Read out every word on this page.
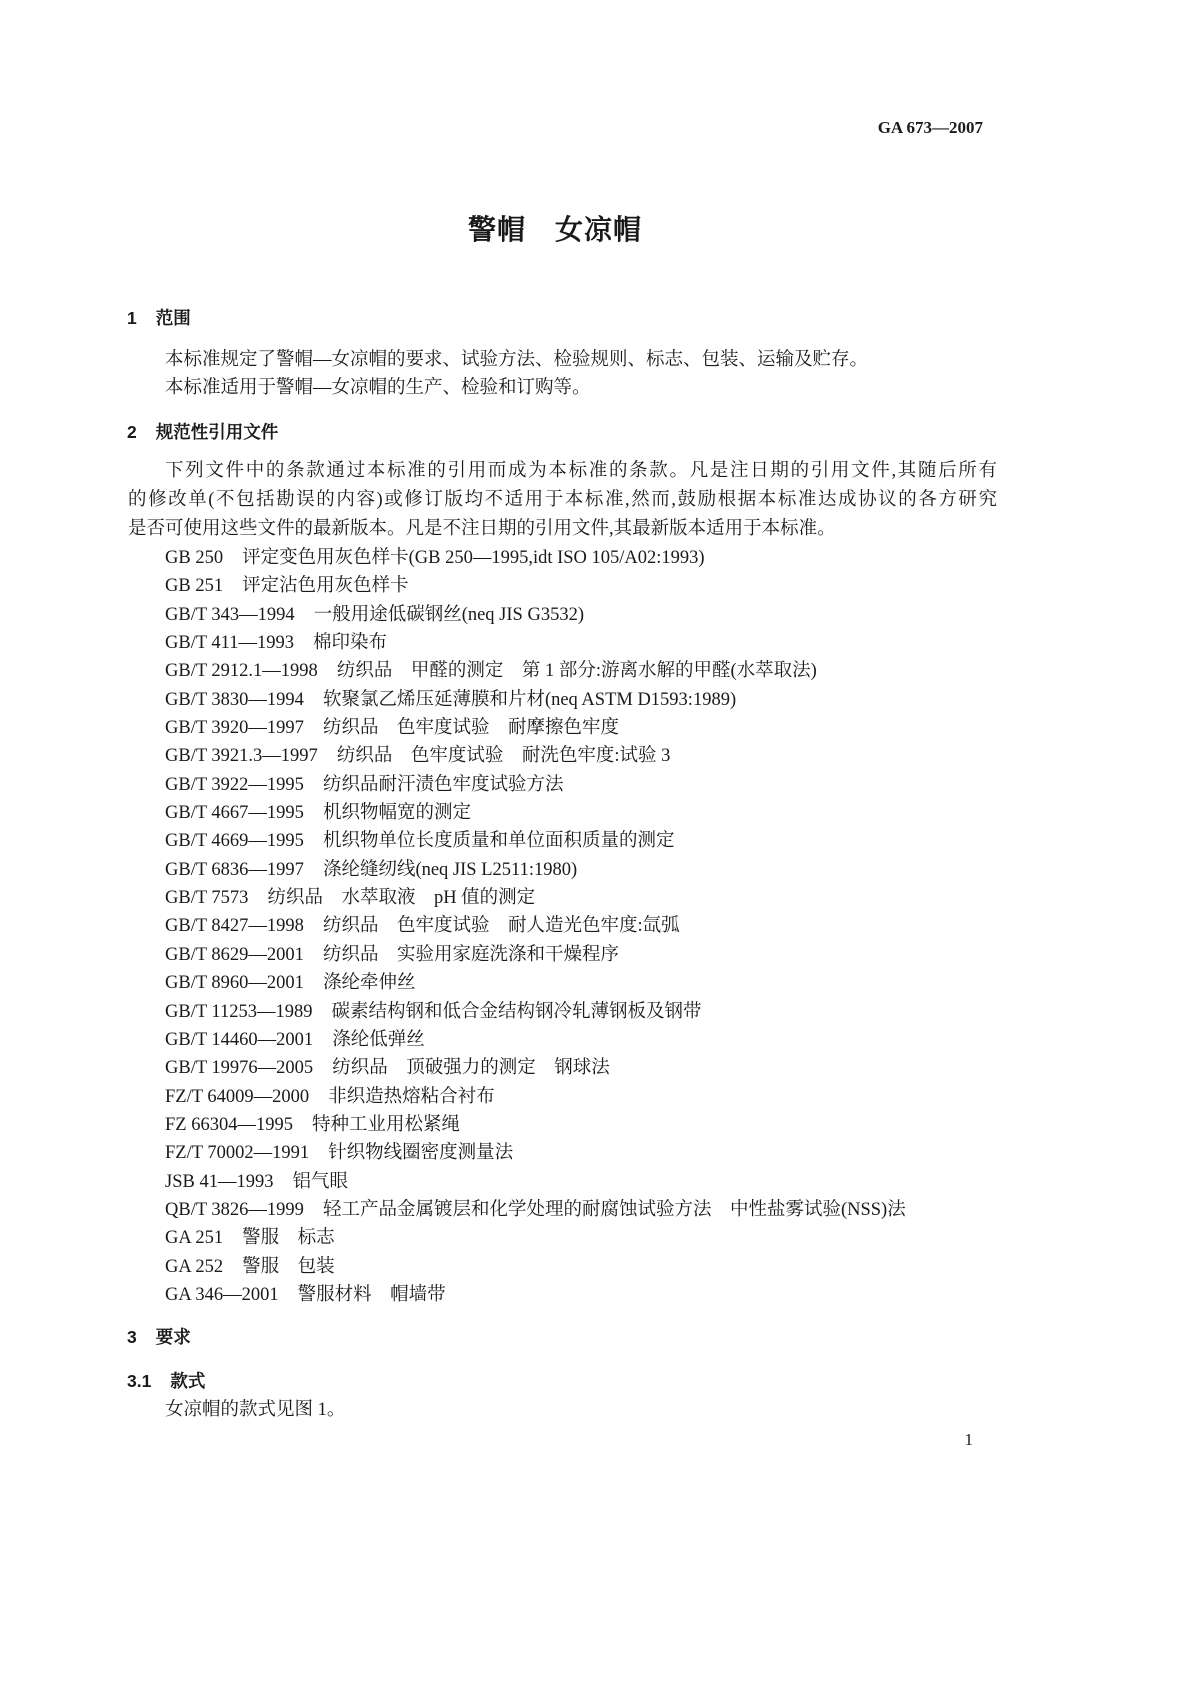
GA 673—2007
警帽　女凉帽
1 范围
本标准规定了警帽—女凉帽的要求、试验方法、检验规则、标志、包装、运输及贮存。
本标准适用于警帽—女凉帽的生产、检验和订购等。
2 规范性引用文件
下列文件中的条款通过本标准的引用而成为本标准的条款。凡是注日期的引用文件,其随后所有
的修改单(不包括勘误的内容)或修订版均不适用于本标准,然而,鼓励根据本标准达成协议的各方研究
是否可使用这些文件的最新版本。凡是不注日期的引用文件,其最新版本适用于本标准。
GB 250 评定变色用灰色样卡(GB 250—1995,idt ISO 105/A02:1993)
GB 251 评定沾色用灰色样卡
GB/T 343—1994 一般用途低碳钢丝(neq JIS G3532)
GB/T 411—1993 棉印染布
GB/T 2912.1—1998 纺织品　甲醛的测定　第 1 部分:游离水解的甲醛(水萃取法)
GB/T 3830—1994 软聚氯乙烯压延薄膜和片材(neq ASTM D1593:1989)
GB/T 3920—1997 纺织品　色牢度试验　耐摩擦色牢度
GB/T 3921.3—1997 纺织品　色牢度试验　耐洗色牢度:试验 3
GB/T 3922—1995 纺织品耐汗渍色牢度试验方法
GB/T 4667—1995 机织物幅宽的测定
GB/T 4669—1995 机织物单位长度质量和单位面积质量的测定
GB/T 6836—1997 涤纶缝纫线(neq JIS L2511:1980)
GB/T 7573 纺织品　水萃取液　pH 值的测定
GB/T 8427—1998 纺织品　色牢度试验　耐人造光色牢度:氙弧
GB/T 8629—2001 纺织品　实验用家庭洗涤和干燥程序
GB/T 8960—2001 涤纶牵伸丝
GB/T 11253—1989 碳素结构钢和低合金结构钢冷轧薄钢板及钢带
GB/T 14460—2001 涤纶低弹丝
GB/T 19976—2005 纺织品　顶破强力的测定　钢球法
FZ/T 64009—2000 非织造热熔粘合衬布
FZ 66304—1995 特种工业用松紧绳
FZ/T 70002—1991 针织物线圈密度测量法
JSB 41—1993 铝气眼
QB/T 3826—1999 轻工产品金属镀层和化学处理的耐腐蚀试验方法　中性盐雾试验(NSS)法
GA 251 警服　标志
GA 252 警服　包装
GA 346—2001 警服材料　帽墙带
3 要求
3.1 款式
女凉帽的款式见图 1。
1
